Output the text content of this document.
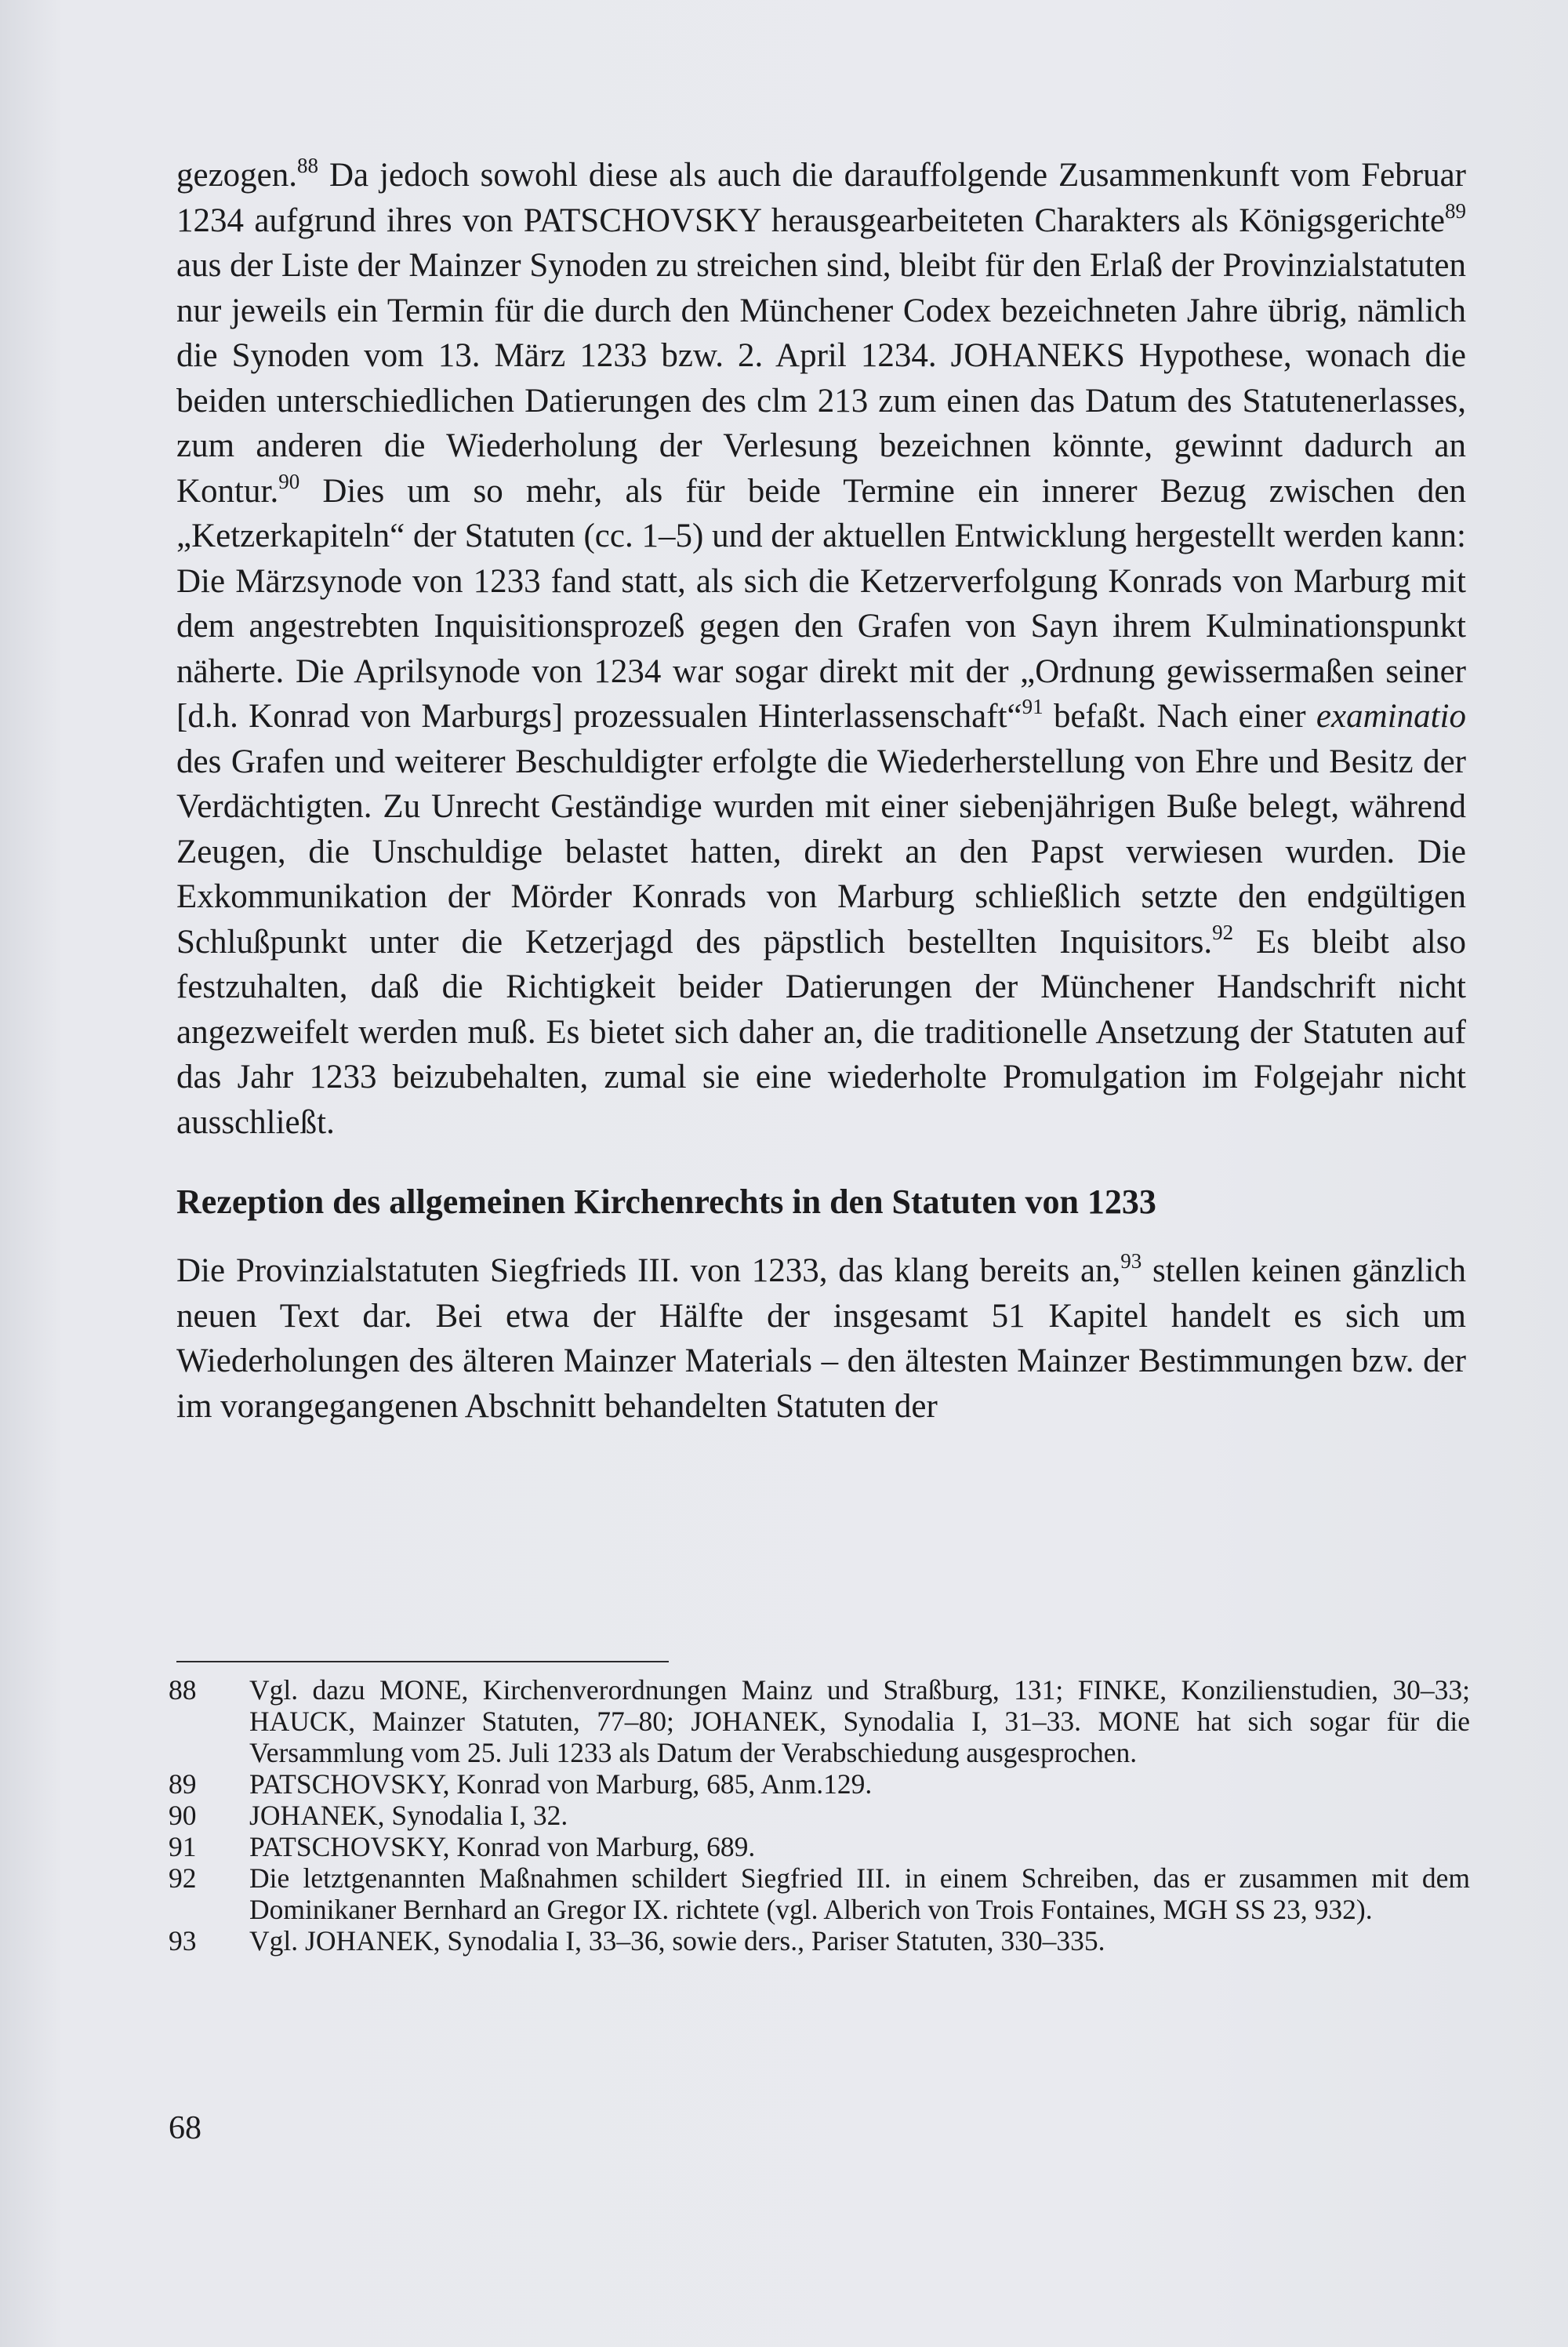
gezogen.$^{88}$ Da jedoch sowohl diese als auch die darauffolgende Zusammenkunft vom Februar 1234 aufgrund ihres von PATSCHOVSKY herausgearbeiteten Charakters als Königsgerichte$^{89}$ aus der Liste der Mainzer Synoden zu streichen sind, bleibt für den Erlaß der Provinzialstatuten nur jeweils ein Termin für die durch den Münchener Codex bezeichneten Jahre übrig, nämlich die Synoden vom 13. März 1233 bzw. 2. April 1234. JOHANEKS Hypothese, wonach die beiden unterschiedlichen Datierungen des clm 213 zum einen das Datum des Statutenerlasses, zum anderen die Wiederholung der Verlesung bezeichnen könnte, gewinnt dadurch an Kontur.$^{90}$ Dies um so mehr, als für beide Termine ein innerer Bezug zwischen den „Ketzerkapiteln“ der Statuten (cc. 1–5) und der aktuellen Entwicklung hergestellt werden kann: Die Märzsynode von 1233 fand statt, als sich die Ketzerverfolgung Konrads von Marburg mit dem angestrebten Inquisitionsprozeß gegen den Grafen von Sayn ihrem Kulminationspunkt näherte. Die Aprilsynode von 1234 war sogar direkt mit der „Ordnung gewissermaßen seiner [d.h. Konrad von Marburgs] prozessualen Hinterlassenschaft“$^{91}$ befaßt. Nach einer examinatio des Grafen und weiterer Beschuldigter erfolgte die Wiederherstellung von Ehre und Besitz der Verdächtigten. Zu Unrecht Geständige wurden mit einer siebenjährigen Buße belegt, während Zeugen, die Unschuldige belastet hatten, direkt an den Papst verwiesen wurden. Die Exkommunikation der Mörder Konrads von Marburg schließlich setzte den endgültigen Schlußpunkt unter die Ketzerjagd des päpstlich bestellten Inquisitors.$^{92}$ Es bleibt also festzuhalten, daß die Richtigkeit beider Datierungen der Münchener Handschrift nicht angezweifelt werden muß. Es bietet sich daher an, die traditionelle Ansetzung der Statuten auf das Jahr 1233 beizubehalten, zumal sie eine wiederholte Promulgation im Folgejahr nicht ausschließt.

Rezeption des allgemeinen Kirchenrechts in den Statuten von 1233

Die Provinzialstatuten Siegfrieds III. von 1233, das klang bereits an,$^{93}$ stellen keinen gänzlich neuen Text dar. Bei etwa der Hälfte der insgesamt 51 Kapitel handelt es sich um Wiederholungen des älteren Mainzer Materials – den ältesten Mainzer Bestimmungen bzw. der im vorangegangenen Abschnitt behandelten Statuten der

88	Vgl. dazu MONE, Kirchenverordnungen Mainz und Straßburg, 131; FINKE, Konzilienstudien, 30–33; HAUCK, Mainzer Statuten, 77–80; JOHANEK, Synodalia I, 31–33. MONE hat sich sogar für die Versammlung vom 25. Juli 1233 als Datum der Verabschiedung ausgesprochen.
89	PATSCHOVSKY, Konrad von Marburg, 685, Anm.129.
90	JOHANEK, Synodalia I, 32.
91	PATSCHOVSKY, Konrad von Marburg, 689.
92	Die letztgenannten Maßnahmen schildert Siegfried III. in einem Schreiben, das er zusammen mit dem Dominikaner Bernhard an Gregor IX. richtete (vgl. Alberich von Trois Fontaines, MGH SS 23, 932).
93	Vgl. JOHANEK, Synodalia I, 33–36, sowie ders., Pariser Statuten, 330–335.
68
